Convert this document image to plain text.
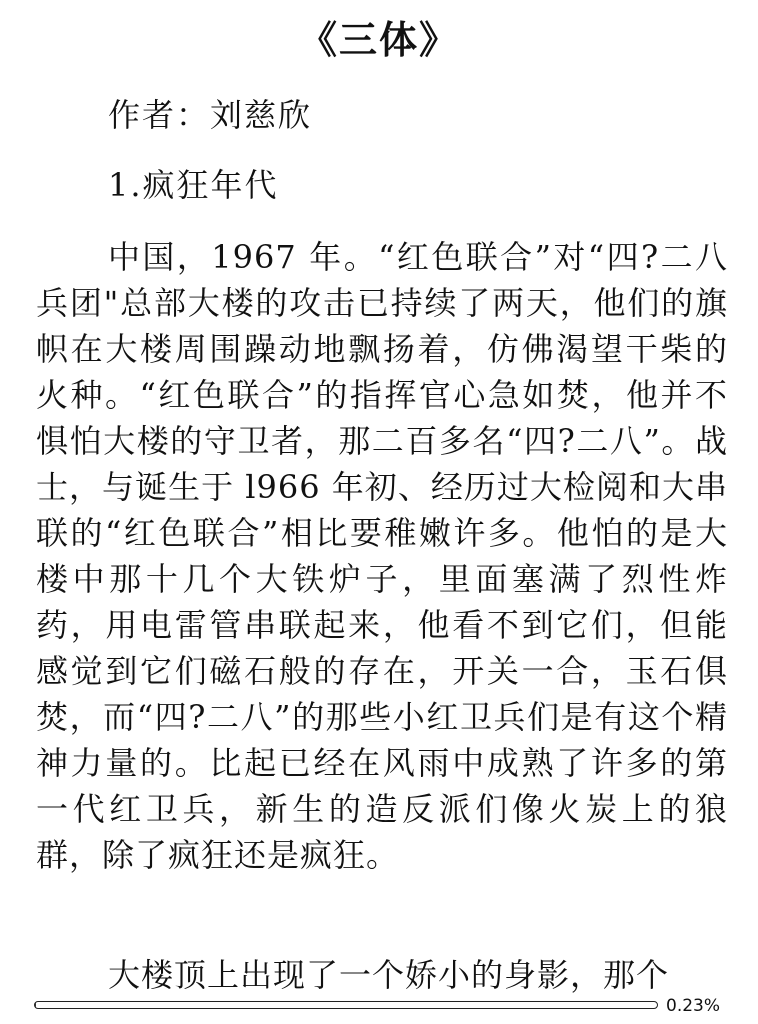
《三体》
作者：刘慈欣
1.疯狂年代
中国，1967 年。“红色联合”对“四?二八兵团"总部大楼的攻击已持续了两天，他们的旗帜在大楼周围躁动地飘扬着，仿佛渴望干柴的火种。“红色联合”的指挥官心急如焚，他并不惧怕大楼的守卫者，那二百多名“四?二八”。战士，与诞生于 l966 年初、经历过大检阅和大串联的“红色联合”相比要稚嫩许多。他怕的是大楼中那十几个大铁炉子，里面塞满了烈性炸药，用电雷管串联起来，他看不到它们，但能感觉到它们磁石般的存在，开关一合，玉石俱焚，而“四?二八”的那些小红卫兵们是有这个精神力量的。比起已经在风雨中成熟了许多的第一代红卫兵，新生的造反派们像火炭上的狼群，除了疯狂还是疯狂。
大楼顶上出现了一个娇小的身影，那个
0.23%
